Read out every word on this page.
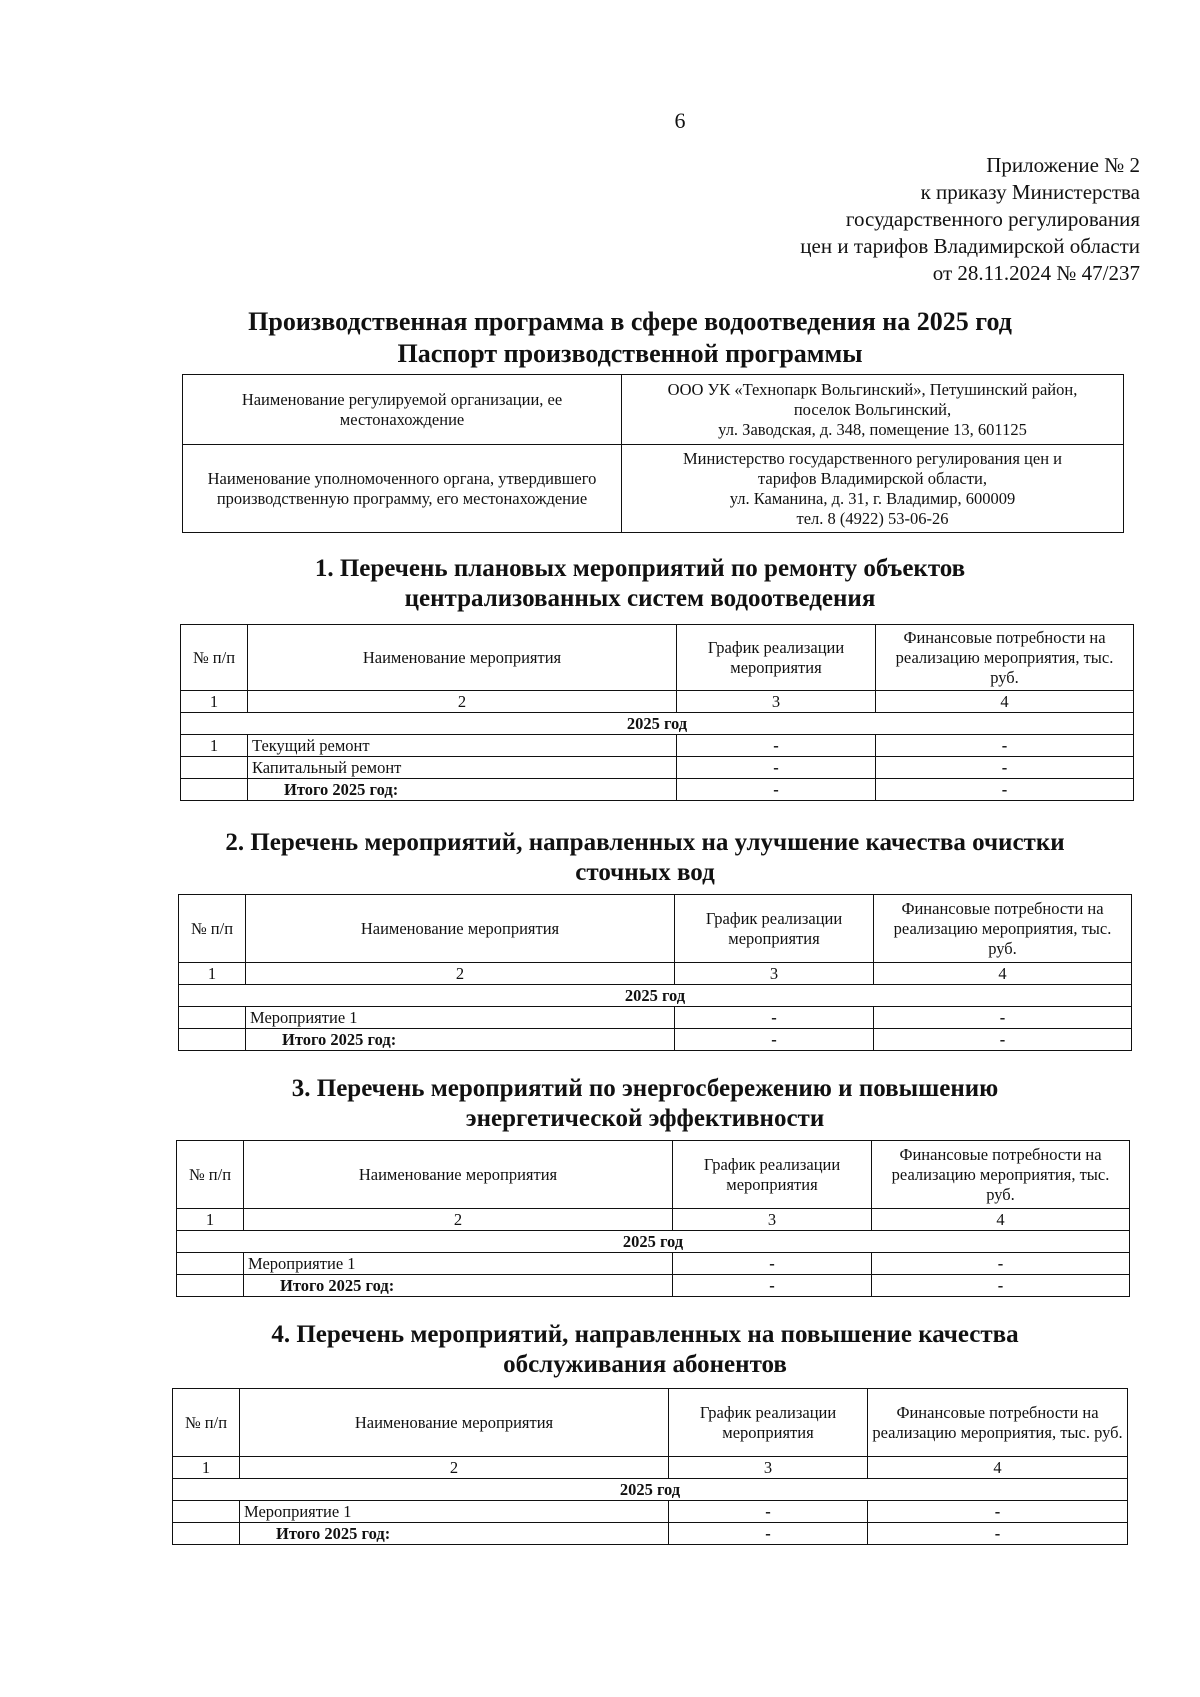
6
Приложение № 2
к приказу Министерства
государственного регулирования
цен и тарифов Владимирской области
от 28.11.2024 № 47/237
Производственная программа в сфере водоотведения на 2025 год
Паспорт производственной программы
Наименование регулируемой организации, ее местонахождение	ООО УК «Технопарк Вольгинский», Петушинский район,
поселок Вольгинский,
ул. Заводская, д. 348, помещение 13, 601125

Наименование уполномоченного органа, утвердившего производственную программу, его местонахождение	Министерство государственного регулирования цен и
тарифов Владимирской области,
ул. Каманина, д. 31, г. Владимир, 600009
тел. 8 (4922) 53-06-26
1. Перечень плановых мероприятий по ремонту объектов
централизованных систем водоотведения
№ п/п	Наименование мероприятия	График реализации мероприятия	Финансовые потребности на реализацию мероприятия, тыс. руб.
1	2	3	4
2025 год			
1	Текущий ремонт	-	-
	Капитальный ремонт	-	-
	Итого 2025 год:	-	-
2. Перечень мероприятий, направленных на улучшение качества очистки
сточных вод
№ п/п	Наименование мероприятия	График реализации мероприятия	Финансовые потребности на реализацию мероприятия, тыс. руб.
1	2	3	4
2025 год			
	Мероприятие 1	-	-
	Итого 2025 год:	-	-
3. Перечень мероприятий по энергосбережению и повышению
энергетической эффективности
№ п/п	Наименование мероприятия	График реализации мероприятия	Финансовые потребности на реализацию мероприятия, тыс. руб.
1	2	3	4
2025 год			
	Мероприятие 1	-	-
	Итого 2025 год:	-	-
4. Перечень мероприятий, направленных на повышение качества
обслуживания абонентов
№ п/п	Наименование мероприятия	График реализации мероприятия	Финансовые потребности на реализацию мероприятия, тыс. руб.
1	2	3	4
2025 год			
	Мероприятие 1	-	-
	Итого 2025 год:	-	-
